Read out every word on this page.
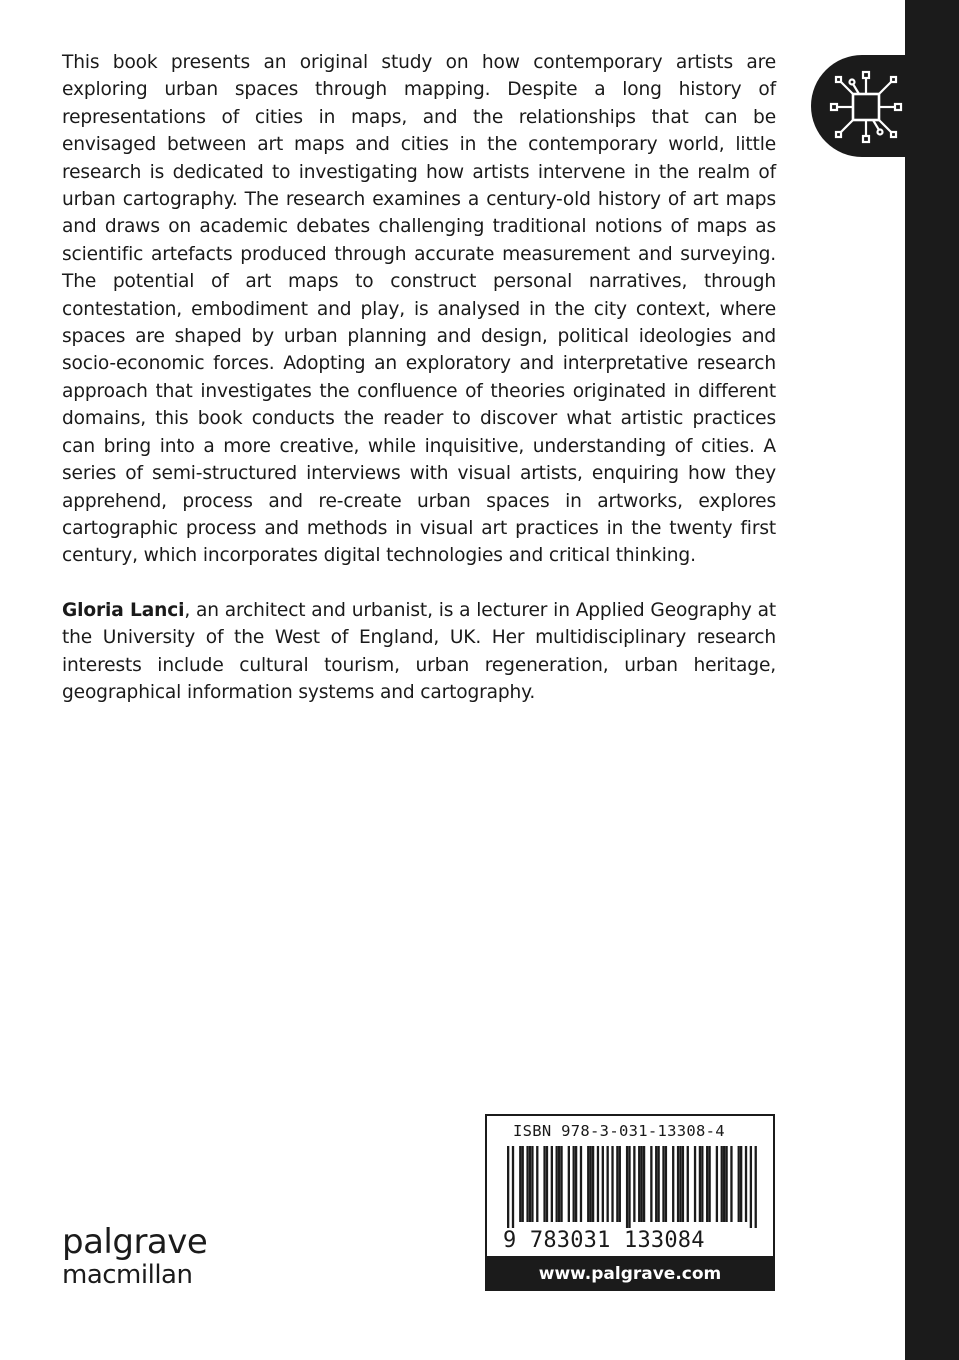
This book presents an original study on how contemporary artists are exploring urban spaces through mapping. Despite a long history of representations of cities in maps, and the relationships that can be envisaged between art maps and cities in the contemporary world, little research is dedicated to investigating how artists intervene in the realm of urban cartography. The research examines a century-old history of art maps and draws on academic debates challenging traditional notions of maps as scientific artefacts produced through accurate measurement and surveying. The potential of art maps to construct personal narratives, through contestation, embodiment and play, is analysed in the city context, where spaces are shaped by urban planning and design, political ideologies and socio-economic forces. Adopting an exploratory and interpretative research approach that investigates the confluence of theories originated in different domains, this book conducts the reader to discover what artistic practices can bring into a more creative, while inquisitive, understanding of cities. A series of semi-structured interviews with visual artists, enquiring how they apprehend, process and re-create urban spaces in artworks, explores cartographic process and methods in visual art practices in the twenty first century, which incorporates digital technologies and critical thinking.

Gloria Lanci, an architect and urbanist, is a lecturer in Applied Geography at the University of the West of England, UK. Her multidisciplinary research interests include cultural tourism, urban regeneration, urban heritage, geographical information systems and cartography.

palgrave
macmillan
ISBN 978-3-031-13308-4
9 783031 133084
www.palgrave.com
